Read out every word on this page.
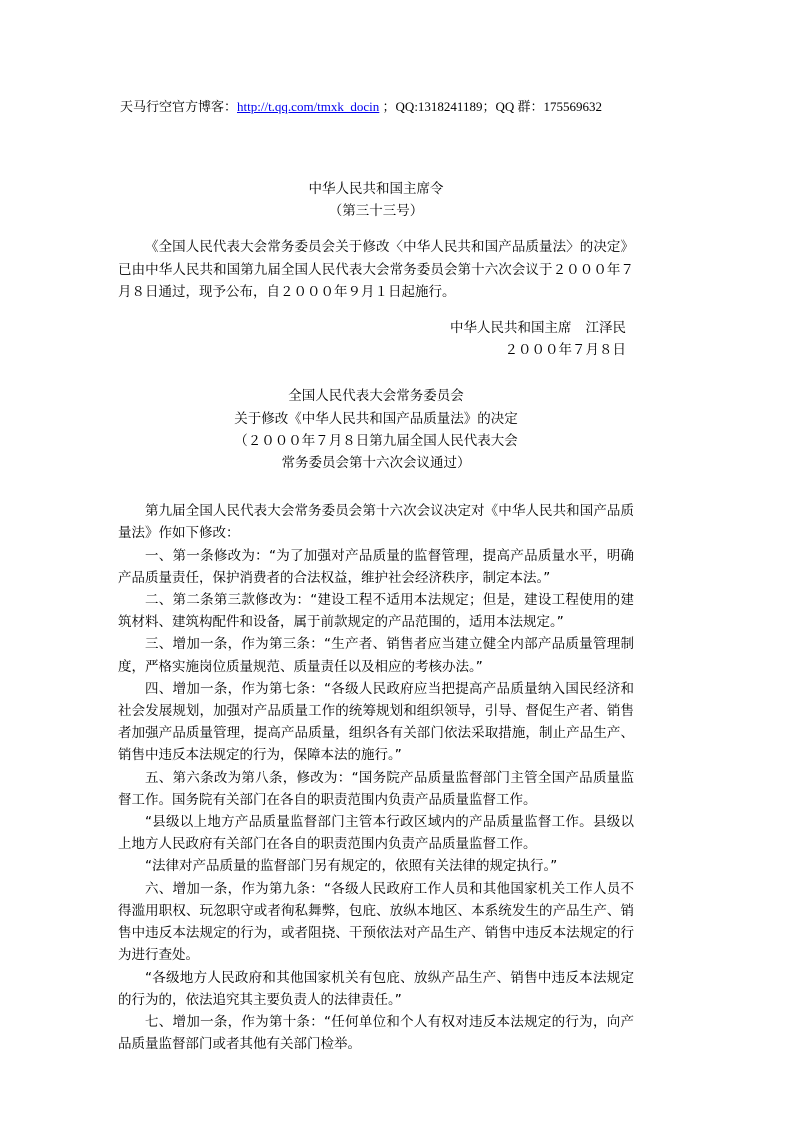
天马行空官方博客：http://t.qq.com/tmxk_docin ；QQ:1318241189；QQ 群：175569632
中华人民共和国主席令
（第三十三号）
《全国人民代表大会常务委员会关于修改〈中华人民共和国产品质量法〉的决定》已由中华人民共和国第九届全国人民代表大会常务委员会第十六次会议于２０００年７月８日通过，现予公布，自２０００年９月１日起施行。
中华人民共和国主席 江泽民
２０００年７月８日
全国人民代表大会常务委员会
关于修改《中华人民共和国产品质量法》的决定
（２０００年７月８日第九届全国人民代表大会
常务委员会第十六次会议通过）
第九届全国人民代表大会常务委员会第十六次会议决定对《中华人民共和国产品质量法》作如下修改：
一、第一条修改为：“为了加强对产品质量的监督管理，提高产品质量水平，明确产品质量责任，保护消费者的合法权益，维护社会经济秩序，制定本法。”
二、第二条第三款修改为：“建设工程不适用本法规定；但是，建设工程使用的建筑材料、建筑构配件和设备，属于前款规定的产品范围的，适用本法规定。”
三、增加一条，作为第三条：“生产者、销售者应当建立健全内部产品质量管理制度，严格实施岗位质量规范、质量责任以及相应的考核办法。”
四、增加一条，作为第七条：“各级人民政府应当把提高产品质量纳入国民经济和社会发展规划，加强对产品质量工作的统筹规划和组织领导，引导、督促生产者、销售者加强产品质量管理，提高产品质量，组织各有关部门依法采取措施，制止产品生产、销售中违反本法规定的行为，保障本法的施行。”
五、第六条改为第八条，修改为：“国务院产品质量监督部门主管全国产品质量监督工作。国务院有关部门在各自的职责范围内负责产品质量监督工作。
“县级以上地方产品质量监督部门主管本行政区域内的产品质量监督工作。县级以上地方人民政府有关部门在各自的职责范围内负责产品质量监督工作。
“法律对产品质量的监督部门另有规定的，依照有关法律的规定执行。”
六、增加一条，作为第九条：“各级人民政府工作人员和其他国家机关工作人员不得滥用职权、玩忽职守或者徇私舞弊，包庇、放纵本地区、本系统发生的产品生产、销售中违反本法规定的行为，或者阻挠、干预依法对产品生产、销售中违反本法规定的行为进行查处。
“各级地方人民政府和其他国家机关有包庇、放纵产品生产、销售中违反本法规定的行为的，依法追究其主要负责人的法律责任。”
七、增加一条，作为第十条：“任何单位和个人有权对违反本法规定的行为，向产品质量监督部门或者其他有关部门检举。
